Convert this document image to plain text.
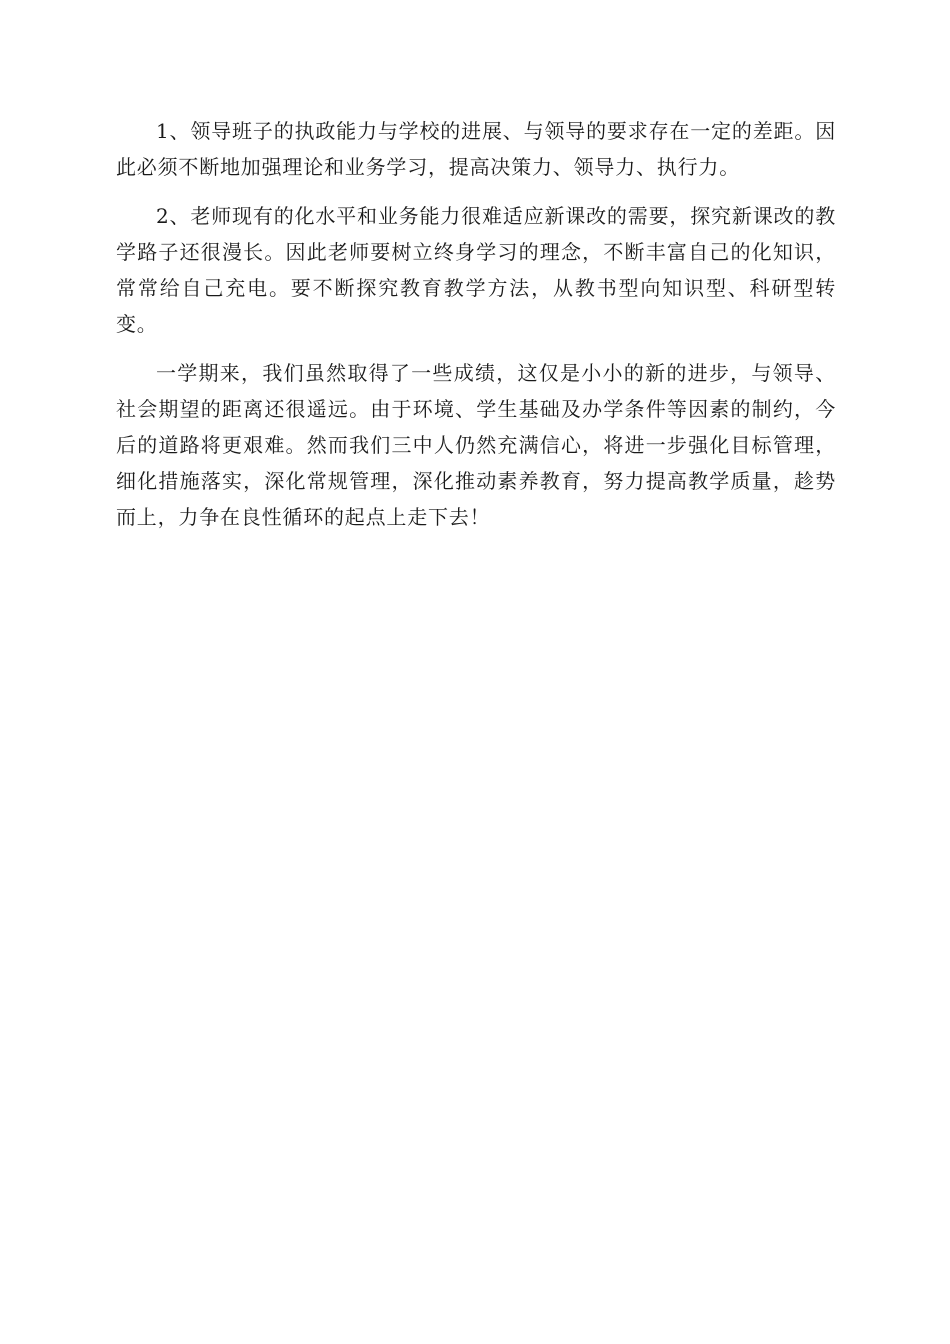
1、领导班子的执政能力与学校的进展、与领导的要求存在一定的差距。因此必须不断地加强理论和业务学习，提高决策力、领导力、执行力。

2、老师现有的化水平和业务能力很难适应新课改的需要，探究新课改的教学路子还很漫长。因此老师要树立终身学习的理念，不断丰富自己的化知识，常常给自己充电。要不断探究教育教学方法，从教书型向知识型、科研型转变。

一学期来，我们虽然取得了一些成绩，这仅是小小的新的进步，与领导、社会期望的距离还很遥远。由于环境、学生基础及办学条件等因素的制约，今后的道路将更艰难。然而我们三中人仍然充满信心，将进一步强化目标管理，细化措施落实，深化常规管理，深化推动素养教育，努力提高教学质量，趁势而上，力争在良性循环的起点上走下去！
